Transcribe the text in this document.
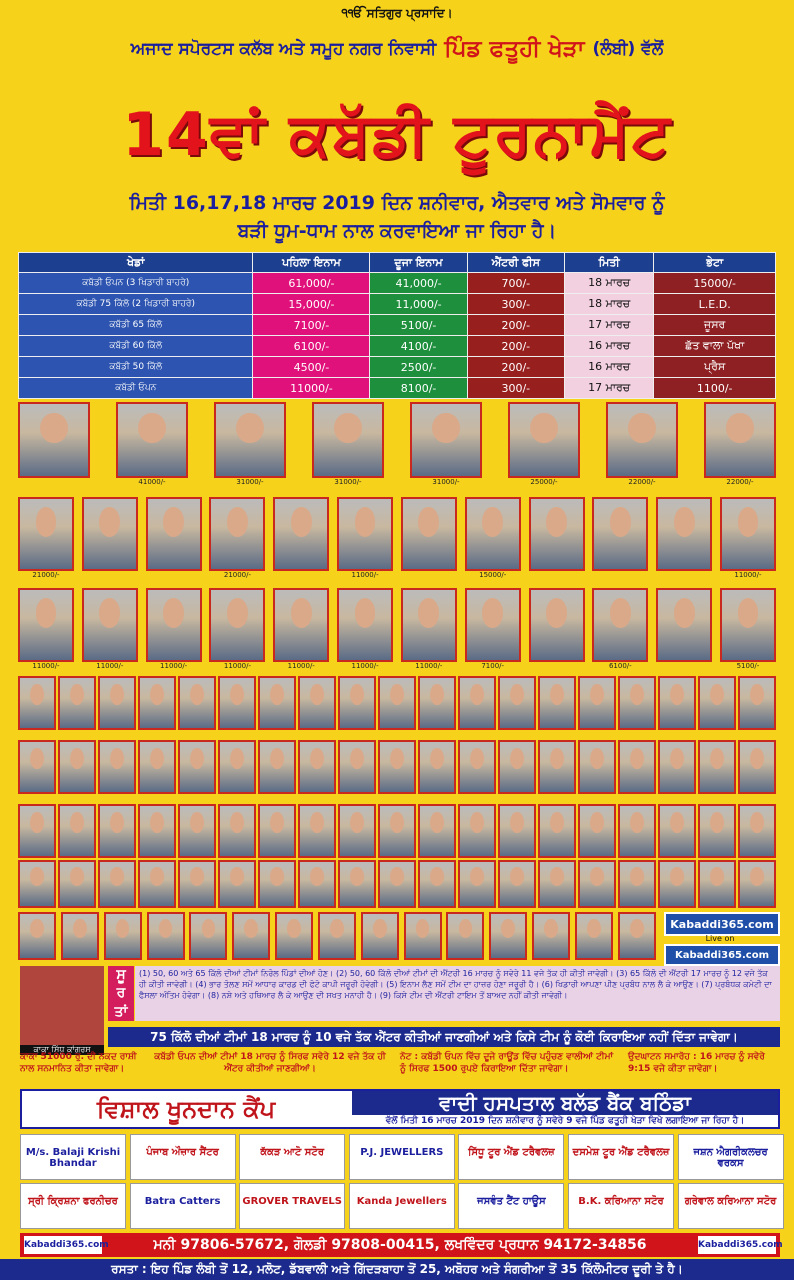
੧ੴ ਸਤਿਗੁਰ ਪ੍ਰਸਾਦਿ।
ਅਜਾਦ ਸਪੋਰਟਸ ਕਲੱਬ ਅਤੇ ਸਮੂਹ ਨਗਰ ਨਿਵਾਸੀ ਪਿੰਡ ਫਤੂਹੀ ਖੇੜਾ (ਲੰਬੀ) ਵੱਲੋਂ
14ਵਾਂ ਕਬੱਡੀ ਟੂਰਨਾਮੈਂਟ
ਮਿਤੀ 16,17,18 ਮਾਰਚ 2019 ਦਿਨ ਸ਼ਨੀਵਾਰ, ਐਤਵਾਰ ਅਤੇ ਸੋਮਵਾਰ ਨੂੰ
ਬੜੀ ਧੂਮ-ਧਾਮ ਨਾਲ ਕਰਵਾਇਆ ਜਾ ਰਿਹਾ ਹੈ।
ਖੇਡਾਂ	ਪਹਿਲਾ ਇਨਾਮ	ਦੂਜਾ ਇਨਾਮ	ਐਂਟਰੀ ਫੀਸ	ਮਿਤੀ	ਭੇਟਾ
ਕਬੱਡੀ ਓਪਨ (3 ਖਿਡਾਰੀ ਬਾਹਰੇ)	61,000/-	41,000/-	700/-	18 ਮਾਰਚ	15000/-
ਕਬੱਡੀ 75 ਕਿੱਲੋ (2 ਖਿਡਾਰੀ ਬਾਹਰੇ)	15,000/-	11,000/-	300/-	18 ਮਾਰਚ	L.E.D.
ਕਬੱਡੀ 65 ਕਿੱਲੋ	7100/-	5100/-	200/-	17 ਮਾਰਚ	ਜੂਸਰ
ਕਬੱਡੀ 60 ਕਿੱਲੋ	6100/-	4100/-	200/-	16 ਮਾਰਚ	ਛੱਤ ਵਾਲਾ ਪੱਖਾ
ਕਬੱਡੀ 50 ਕਿੱਲੋ	4500/-	2500/-	200/-	16 ਮਾਰਚ	ਪ੍ਰੈਸ
ਕਬੱਡੀ ਓਪਨ	11000/-	8100/-	300/-	17 ਮਾਰਚ	1100/-
41000/-	31000/-	31000/-	31000/-	25000/-	22000/-	22000/-
21000/-	21000/-	11000/-	15000/-	11000/-
11000/-	11000/-	11000/-	11000/-	11000/-	11000/-	11000/-	7100/-	6100/-	5100/-
Kabaddi365.com
Live on
Kabaddi365.com
ਕਾਕਾ ਸਿੱਧੂ ਕਾਂਗਰਸ
ਸੂ
ਰ
ਤਾਂ
(1) 50, 60 ਅਤੇ 65 ਕਿੱਲੋ ਦੀਆਂ ਟੀਮਾਂ ਨਿਰੋਲ ਪਿੰਡਾਂ ਦੀਆਂ ਹੋਣ। (2) 50, 60 ਕਿੱਲੋ ਦੀਆਂ ਟੀਮਾਂ ਦੀ ਐਂਟਰੀ 16 ਮਾਰਚ ਨੂੰ ਸਵੇਰੇ 11 ਵਜੇ ਤੱਕ ਹੀ ਕੀਤੀ ਜਾਵੇਗੀ। (3) 65 ਕਿੱਲੋ ਦੀ ਐਂਟਰੀ 17 ਮਾਰਚ ਨੂੰ 12 ਵਜੇ ਤੱਕ ਹੀ ਕੀਤੀ ਜਾਵੇਗੀ। (4) ਭਾਰ ਤੋਲਣ ਸਮੇਂ ਆਧਾਰ ਕਾਰਡ ਦੀ ਫੋਟੋ ਕਾਪੀ ਜਰੂਰੀ ਹੋਵੇਗੀ। (5) ਇਨਾਮ ਲੈਣ ਸਮੇਂ ਟੀਮ ਦਾ ਹਾਜ਼ਰ ਹੋਣਾ ਜਰੂਰੀ ਹੈ। (6) ਖਿਡਾਰੀ ਆਪਣਾ ਪੀਣ ਪ੍ਰਬੰਧ ਨਾਲ ਲੈ ਕੇ ਆਉਣ। (7) ਪ੍ਰਬੰਧਕ ਕਮੇਟੀ ਦਾ ਫੈਸਲਾ ਅੰਤਿਮ ਹੋਵੇਗਾ। (8) ਨਸ਼ੇ ਅਤੇ ਹਥਿਆਰ ਲੈ ਕੇ ਆਉਣ ਦੀ ਸਖਤ ਮਨਾਹੀ ਹੈ। (9) ਕਿਸੇ ਟੀਮ ਦੀ ਐਂਟਰੀ ਟਾਇਮ ਤੋਂ ਬਾਅਦ ਨਹੀਂ ਕੀਤੀ ਜਾਵੇਗੀ।
75 ਕਿੱਲੋ ਦੀਆਂ ਟੀਮਾਂ 18 ਮਾਰਚ ਨੂੰ 10 ਵਜੇ ਤੱਕ ਐਂਟਰ ਕੀਤੀਆਂ ਜਾਣਗੀਆਂ ਅਤੇ ਕਿਸੇ ਟੀਮ ਨੂੰ ਕੋਈ ਕਿਰਾਇਆ ਨਹੀਂ ਦਿੱਤਾ ਜਾਵੇਗਾ।
ਕਾਕਾ 51000 ਰੁ. ਦੀ ਨਕਦ ਰਾਸ਼ੀ ਨਾਲ ਸਨਮਾਨਿਤ ਕੀਤਾ ਜਾਵੇਗਾ।
ਕਬੱਡੀ ਓਪਨ ਦੀਆਂ ਟੀਮਾਂ 18 ਮਾਰਚ ਨੂੰ ਸਿਰਫ ਸਵੇਰੇ 12 ਵਜੇ ਤੱਕ ਹੀ ਐਂਟਰ ਕੀਤੀਆਂ ਜਾਣਗੀਆਂ।
ਨੋਟ : ਕਬੱਡੀ ਓਪਨ ਵਿੱਚ ਦੂਜੇ ਰਾਊਂਡ ਵਿੱਚ ਪਹੁੰਚਣ ਵਾਲੀਆਂ ਟੀਮਾਂ ਨੂੰ ਸਿਰਫ 1500 ਰੁਪਏ ਕਿਰਾਇਆ ਦਿੱਤਾ ਜਾਵੇਗਾ।
ਉਦਘਾਟਨ ਸਮਾਰੋਹ : 16 ਮਾਰਚ ਨੂੰ ਸਵੇਰੇ 9:15 ਵਜੇ ਕੀਤਾ ਜਾਵੇਗਾ।
ਵਿਸ਼ਾਲ ਖੂਨਦਾਨ ਕੈਂਪ	ਵਾਦੀ ਹਸਪਤਾਲ ਬਲੱਡ ਬੈਂਕ ਬਠਿੰਡਾ
ਵੱਲੋਂ ਮਿਤੀ 16 ਮਾਰਚ 2019 ਦਿਨ ਸ਼ਨੀਵਾਰ ਨੂੰ ਸਵੇਰੇ 9 ਵਜੇ ਪਿੰਡ ਫਤੂਹੀ ਖੇੜਾ ਵਿਖੇ ਲਗਾਇਆ ਜਾ ਰਿਹਾ ਹੈ।
M/s. Balaji Krishi Bhandar
ਪੰਜਾਬ ਔਜ਼ਾਰ ਸੈਂਟਰ	ਕੱਕੜ ਆਟੋ ਸਟੋਰ	P.J. JEWELLERS	ਸਿੱਧੂ ਟੂਰ ਐਂਡ ਟਰੈਵਲਜ਼	ਦਸਮੇਸ਼ ਟੂਰ ਐਂਡ ਟਰੈਵਲਜ਼	ਜਸ਼ਨ ਐਗਰੀਕਲਚਰ ਵਰਕਸ
ਸ੍ਰੀ ਕ੍ਰਿਸ਼ਨਾ ਫਰਨੀਚਰ	Batra Catters	GROVER TRAVELS	Kanda Jewellers	ਜਸਵੰਤ ਟੈਂਟ ਹਾਊਸ	B.K. ਕਰਿਆਨਾ ਸਟੋਰ	ਗਰੇਵਾਲ ਕਰਿਆਨਾ ਸਟੋਰ
Kabaddi365.com	ਮਨੀ 97806-57672, ਗੋਲਡੀ 97808-00415, ਲਖਵਿੰਦਰ ਪ੍ਰਧਾਨ 94172-34856	Kabaddi365.com
ਰਸਤਾ : ਇਹ ਪਿੰਡ ਲੰਬੀ ਤੋਂ 12, ਮਲੋਟ, ਡੱਬਵਾਲੀ ਅਤੇ ਗਿੱਦੜਬਾਹਾ ਤੋਂ 25, ਅਬੋਹਰ ਅਤੇ ਸੰਗਰੀਆ ਤੋਂ 35 ਕਿੱਲੋਮੀਟਰ ਦੂਰੀ ਤੇ ਹੈ।
